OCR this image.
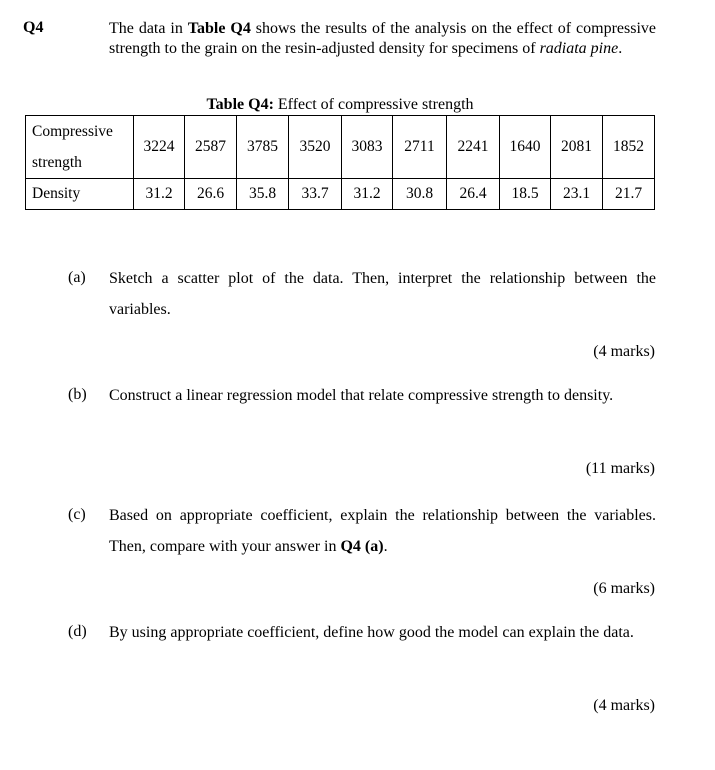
Q4	The data in Table Q4 shows the results of the analysis on the effect of compressive strength to the grain on the resin-adjusted density for specimens of radiata pine.
Table Q4: Effect of compressive strength
Compressive strength	3224	2587	3785	3520	3083	2711	2241	1640	2081	1852
Density	31.2	26.6	35.8	33.7	31.2	30.8	26.4	18.5	23.1	21.7
(a) Sketch a scatter plot of the data. Then, interpret the relationship between the variables.
(4 marks)
(b) Construct a linear regression model that relate compressive strength to density.
(11 marks)
(c) Based on appropriate coefficient, explain the relationship between the variables. Then, compare with your answer in Q4 (a).
(6 marks)
(d) By using appropriate coefficient, define how good the model can explain the data.
(4 marks)
